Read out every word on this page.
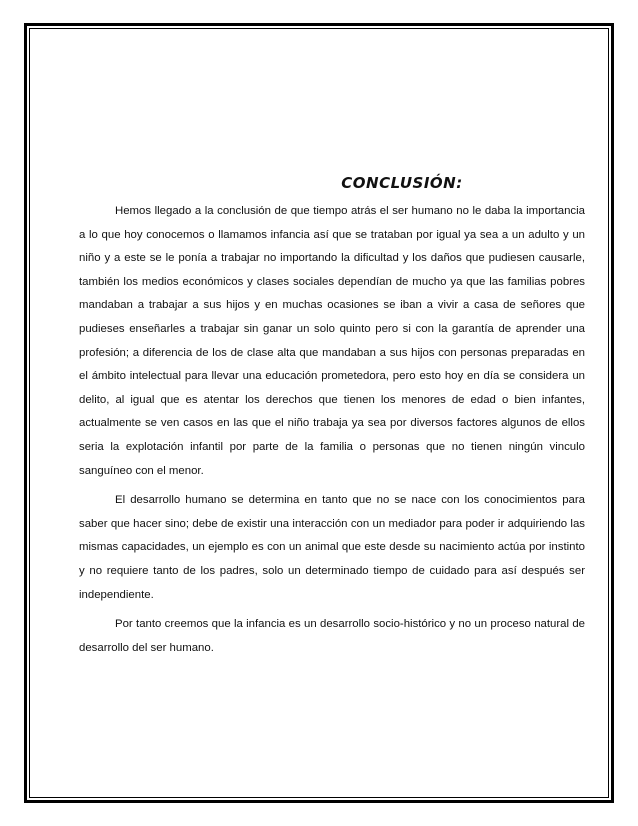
CONCLUSIÓN:

Hemos llegado a la conclusión de que tiempo atrás el ser humano no le daba la importancia a lo que hoy conocemos o llamamos infancia así que se trataban por igual ya sea a un adulto y un niño y a este se le ponía a trabajar no importando la dificultad y los daños que pudiesen causarle, también los medios económicos y clases sociales dependían de mucho ya que las familias pobres mandaban a trabajar a sus hijos y en muchas ocasiones se iban a vivir a casa de señores que pudieses enseñarles a trabajar sin ganar un solo quinto pero si con la garantía de aprender una profesión; a diferencia de los de clase alta que mandaban a sus hijos con personas preparadas en el ámbito intelectual para llevar una educación prometedora, pero esto hoy en día se considera un delito, al igual que es atentar los derechos que tienen los menores de edad o bien infantes, actualmente se ven casos en las que el niño trabaja ya sea por diversos factores algunos de ellos seria la explotación infantil por parte de la familia o personas que no tienen ningún vinculo sanguíneo con el menor.

El desarrollo humano se determina en tanto que no se nace con los conocimientos para saber que hacer sino; debe de existir una interacción con un mediador para poder ir adquiriendo las mismas capacidades, un ejemplo es con un animal que este desde su nacimiento actúa por instinto y no requiere tanto de los padres, solo un determinado tiempo de cuidado para así después ser independiente.

Por tanto creemos que la infancia es un desarrollo socio-histórico y no un proceso natural de desarrollo del ser humano.
